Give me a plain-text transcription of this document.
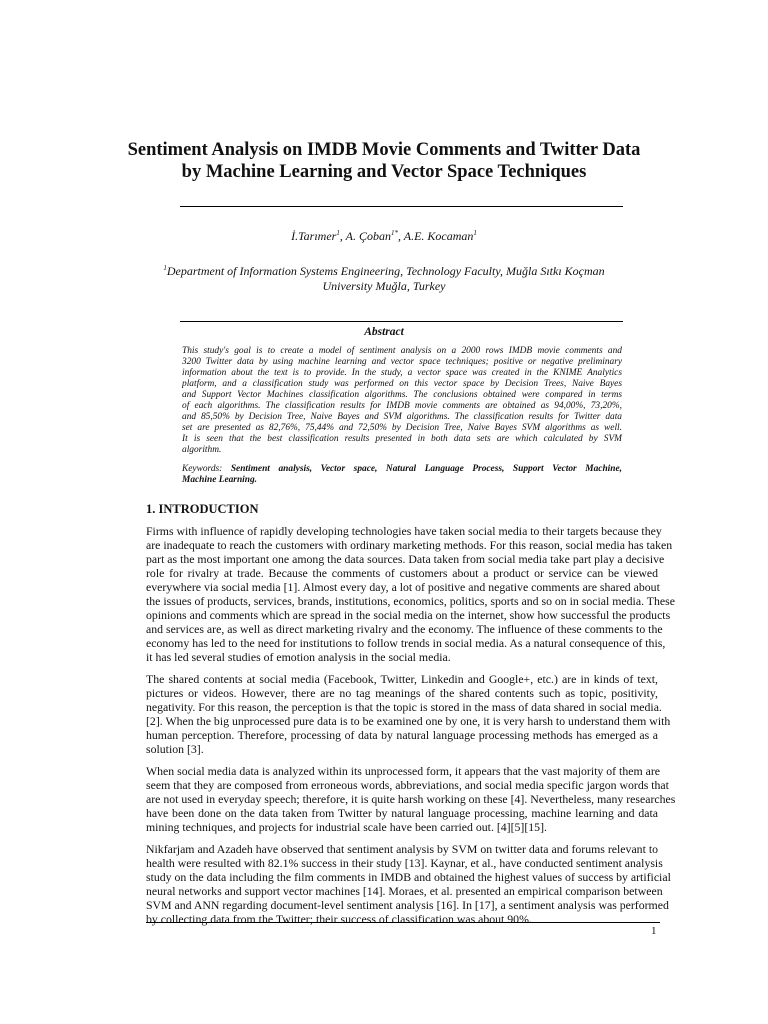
Sentiment Analysis on IMDB Movie Comments and Twitter Data
by Machine Learning and Vector Space Techniques
İ.Tarımer$^1$, A. Çoban$^{1*}$, A.E. Kocaman$^1$
$^1$Department of Information Systems Engineering, Technology Faculty, Muğla Sıtkı Koçman
University Muğla, Turkey
Abstract
This study's goal is to create a model of sentiment analysis on a 2000 rows IMDB movie comments and
3200 Twitter data by using machine learning and vector space techniques; positive or negative preliminary
information about the text is to provide. In the study, a vector space was created in the KNIME Analytics
platform, and a classification study was performed on this vector space by Decision Trees, Naive Bayes
and Support Vector Machines classification algorithms. The conclusions obtained were compared in terms
of each algorithms. The classification results for IMDB movie comments are obtained as 94,00%, 73,20%,
and 85,50% by Decision Tree, Naive Bayes and SVM algorithms. The classification results for Twitter data
set are presented as 82,76%, 75,44% and 72,50% by Decision Tree, Naive Bayes SVM algorithms as well.
It is seen that the best classification results presented in both data sets are which calculated by SVM
algorithm.
Keywords: Sentiment analysis, Vector space, Natural Language Process, Support Vector Machine,
Machine Learning.
1. INTRODUCTION
Firms with influence of rapidly developing technologies have taken social media to their targets because they
are inadequate to reach the customers with ordinary marketing methods. For this reason, social media has taken
part as the most important one among the data sources. Data taken from social media take part play a decisive
role for rivalry at trade. Because the comments of customers about a product or service can be viewed
everywhere via social media [1]. Almost every day, a lot of positive and negative comments are shared about
the issues of products, services, brands, institutions, economics, politics, sports and so on in social media. These
opinions and comments which are spread in the social media on the internet, show how successful the products
and services are, as well as direct marketing rivalry and the economy. The influence of these comments to the
economy has led to the need for institutions to follow trends in social media. As a natural consequence of this,
it has led several studies of emotion analysis in the social media.
The shared contents at social media (Facebook, Twitter, Linkedin and Google+, etc.) are in kinds of text,
pictures or videos. However, there are no tag meanings of the shared contents such as topic, positivity,
negativity. For this reason, the perception is that the topic is stored in the mass of data shared in social media.
[2]. When the big unprocessed pure data is to be examined one by one, it is very harsh to understand them with
human perception. Therefore, processing of data by natural language processing methods has emerged as a
solution [3].
When social media data is analyzed within its unprocessed form, it appears that the vast majority of them are
seem that they are composed from erroneous words, abbreviations, and social media specific jargon words that
are not used in everyday speech; therefore, it is quite harsh working on these [4]. Nevertheless, many researches
have been done on the data taken from Twitter by natural language processing, machine learning and data
mining techniques, and projects for industrial scale have been carried out. [4][5][15].
Nikfarjam and Azadeh have observed that sentiment analysis by SVM on twitter data and forums relevant to
health were resulted with 82.1% success in their study [13]. Kaynar, et al., have conducted sentiment analysis
study on the data including the film comments in IMDB and obtained the highest values of success by artificial
neural networks and support vector machines [14]. Moraes, et al. presented an empirical comparison between
SVM and ANN regarding document-level sentiment analysis [16]. In [17], a sentiment analysis was performed
by collecting data from the Twitter; their success of classification was about 90%.
1
